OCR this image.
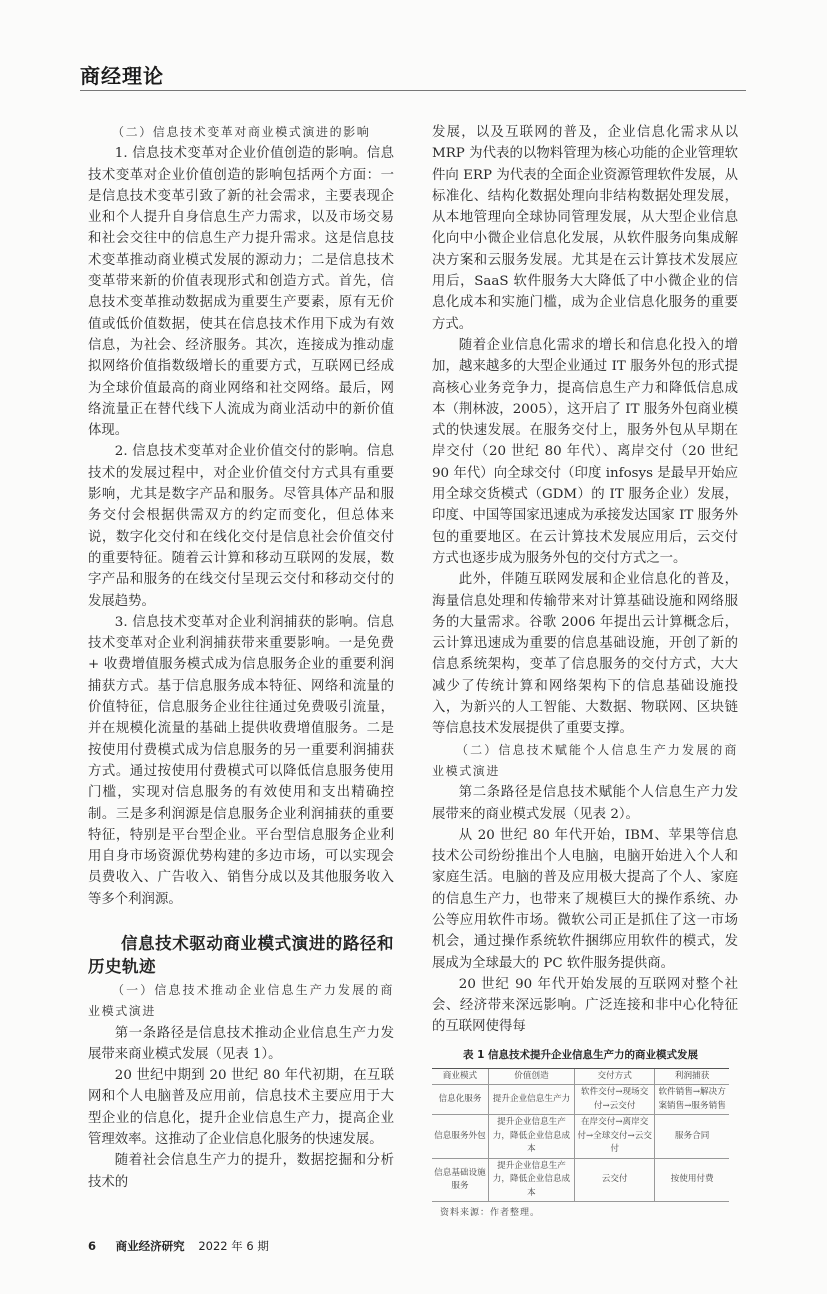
商经理论

（二）信息技术变革对商业模式演进的影响

1. 信息技术变革对企业价值创造的影响。信息技术变革对企业价值创造的影响包括两个方面：一是信息技术变革引致了新的社会需求，主要表现企业和个人提升自身信息生产力需求，以及市场交易和社会交往中的信息生产力提升需求。这是信息技术变革推动商业模式发展的源动力；二是信息技术变革带来新的价值表现形式和创造方式。首先，信息技术变革推动数据成为重要生产要素，原有无价值或低价值数据，使其在信息技术作用下成为有效信息，为社会、经济服务。其次，连接成为推动虚拟网络价值指数级增长的重要方式，互联网已经成为全球价值最高的商业网络和社交网络。最后，网络流量正在替代线下人流成为商业活动中的新价值体现。

2. 信息技术变革对企业价值交付的影响。信息技术的发展过程中，对企业价值交付方式具有重要影响，尤其是数字产品和服务。尽管具体产品和服务交付会根据供需双方的约定而变化，但总体来说，数字化交付和在线化交付是信息社会价值交付的重要特征。随着云计算和移动互联网的发展，数字产品和服务的在线交付呈现云交付和移动交付的发展趋势。

3. 信息技术变革对企业利润捕获的影响。信息技术变革对企业利润捕获带来重要影响。一是免费 + 收费增值服务模式成为信息服务企业的重要利润捕获方式。基于信息服务成本特征、网络和流量的价值特征，信息服务企业往往通过免费吸引流量，并在规模化流量的基础上提供收费增值服务。二是按使用付费模式成为信息服务的另一重要利润捕获方式。通过按使用付费模式可以降低信息服务使用门槛，实现对信息服务的有效使用和支出精确控制。三是多利润源是信息服务企业利润捕获的重要特征，特别是平台型企业。平台型信息服务企业利用自身市场资源优势构建的多边市场，可以实现会员费收入、广告收入、销售分成以及其他服务收入等多个利润源。

信息技术驱动商业模式演进的路径和历史轨迹

（一）信息技术推动企业信息生产力发展的商业模式演进

第一条路径是信息技术推动企业信息生产力发展带来商业模式发展（见表 1）。

20 世纪中期到 20 世纪 80 年代初期，在互联网和个人电脑普及应用前，信息技术主要应用于大型企业的信息化，提升企业信息生产力，提高企业管理效率。这推动了企业信息化服务的快速发展。

随着社会信息生产力的提升，数据挖掘和分析技术的

发展，以及互联网的普及，企业信息化需求从以 MRP 为代表的以物料管理为核心功能的企业管理软件向 ERP 为代表的全面企业资源管理软件发展，从标准化、结构化数据处理向非结构数据处理发展，从本地管理向全球协同管理发展，从大型企业信息化向中小微企业信息化发展，从软件服务向集成解决方案和云服务发展。尤其是在云计算技术发展应用后，SaaS 软件服务大大降低了中小微企业的信息化成本和实施门槛，成为企业信息化服务的重要方式。

随着企业信息化需求的增长和信息化投入的增加，越来越多的大型企业通过 IT 服务外包的形式提高核心业务竞争力，提高信息生产力和降低信息成本（荆林波，2005），这开启了 IT 服务外包商业模式的快速发展。在服务交付上，服务外包从早期在岸交付（20 世纪 80 年代）、离岸交付（20 世纪 90 年代）向全球交付（印度 infosys 是最早开始应用全球交货模式（GDM）的 IT 服务企业）发展，印度、中国等国家迅速成为承接发达国家 IT 服务外包的重要地区。在云计算技术发展应用后，云交付方式也逐步成为服务外包的交付方式之一。

此外，伴随互联网发展和企业信息化的普及，海量信息处理和传输带来对计算基础设施和网络服务的大量需求。谷歌 2006 年提出云计算概念后，云计算迅速成为重要的信息基础设施，开创了新的信息系统架构，变革了信息服务的交付方式，大大减少了传统计算和网络架构下的信息基础设施投入，为新兴的人工智能、大数据、物联网、区块链等信息技术发展提供了重要支撑。

（二）信息技术赋能个人信息生产力发展的商业模式演进

第二条路径是信息技术赋能个人信息生产力发展带来的商业模式发展（见表 2）。

从 20 世纪 80 年代开始，IBM、苹果等信息技术公司纷纷推出个人电脑，电脑开始进入个人和家庭生活。电脑的普及应用极大提高了个人、家庭的信息生产力，也带来了规模巨大的操作系统、办公等应用软件市场。微软公司正是抓住了这一市场机会，通过操作系统软件捆绑应用软件的模式，发展成为全球最大的 PC 软件服务提供商。

20 世纪 90 年代开始发展的互联网对整个社会、经济带来深远影响。广泛连接和非中心化特征的互联网使得每

表 1 信息技术提升企业信息生产力的商业模式发展
商业模式	价值创造	交付方式	利润捕获
信息化服务	提升企业信息生产力	软件交付→现场交付→云交付	软件销售→解决方案销售→服务销售
信息服务外包	提升企业信息生产力，降低企业信息成本	在岸交付→离岸交付→全球交付→云交付	服务合同
信息基础设施服务	提升企业信息生产力，降低企业信息成本	云交付	按使用付费
资料来源：作者整理。
6 商业经济研究 2022 年 6 期
